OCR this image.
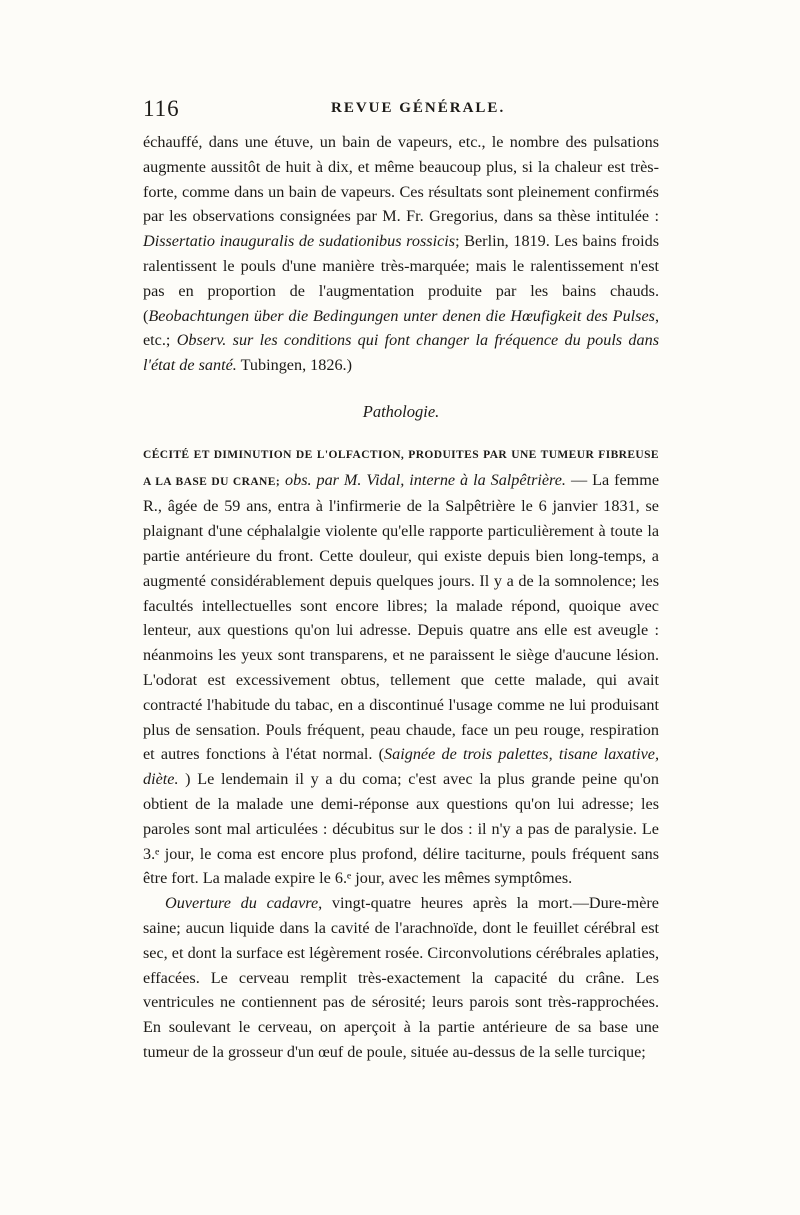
116	REVUE GÉNÉRALE.

échauffé, dans une étuve, un bain de vapeurs, etc., le nombre des pulsations augmente aussitôt de huit à dix, et même beaucoup plus, si la chaleur est très-forte, comme dans un bain de vapeurs. Ces résultats sont pleinement confirmés par les observations consignées par M. Fr. Gregorius, dans sa thèse intitulée : Dissertatio inauguralis de sudationibus rossicis; Berlin, 1819. Les bains froids ralentissent le pouls d'une manière très-marquée; mais le ralentissement n'est pas en proportion de l'augmentation produite par les bains chauds. (Beobachtungen über die Bedingungen unter denen die Hœufigkeit des Pulses, etc.; Observ. sur les conditions qui font changer la fréquence du pouls dans l'état de santé. Tubingen, 1826.)

Pathologie.

CÉCITÉ ET DIMINUTION DE L'OLFACTION, PRODUITES PAR UNE TUMEUR FIBREUSE A LA BASE DU CRANE; obs. par M. Vidal, interne à la Salpêtrière. — La femme R., âgée de 59 ans, entra à l'infirmerie de la Salpêtrière le 6 janvier 1831, se plaignant d'une céphalalgie violente qu'elle rapporte particulièrement à toute la partie antérieure du front. Cette douleur, qui existe depuis bien long-temps, a augmenté considérablement depuis quelques jours. Il y a de la somnolence; les facultés intellectuelles sont encore libres; la malade répond, quoique avec lenteur, aux questions qu'on lui adresse. Depuis quatre ans elle est aveugle : néanmoins les yeux sont transparens, et ne paraissent le siège d'aucune lésion. L'odorat est excessivement obtus, tellement que cette malade, qui avait contracté l'habitude du tabac, en a discontinué l'usage comme ne lui produisant plus de sensation. Pouls fréquent, peau chaude, face un peu rouge, respiration et autres fonctions à l'état normal. (Saignée de trois palettes, tisane laxative, diète. ) Le lendemain il y a du coma; c'est avec la plus grande peine qu'on obtient de la malade une demi-réponse aux questions qu'on lui adresse; les paroles sont mal articulées : décubitus sur le dos : il n'y a pas de paralysie. Le 3.ᵉ jour, le coma est encore plus profond, délire taciturne, pouls fréquent sans être fort. La malade expire le 6.ᵉ jour, avec les mêmes symptômes.

Ouverture du cadavre, vingt-quatre heures après la mort.—Dure-mère saine; aucun liquide dans la cavité de l'arachnoïde, dont le feuillet cérébral est sec, et dont la surface est légèrement rosée. Circonvolutions cérébrales aplaties, effacées. Le cerveau remplit très-exactement la capacité du crâne. Les ventricules ne contiennent pas de sérosité; leurs parois sont très-rapprochées. En soulevant le cerveau, on aperçoit à la partie antérieure de sa base une tumeur de la grosseur d'un œuf de poule, située au-dessus de la selle turcique;
